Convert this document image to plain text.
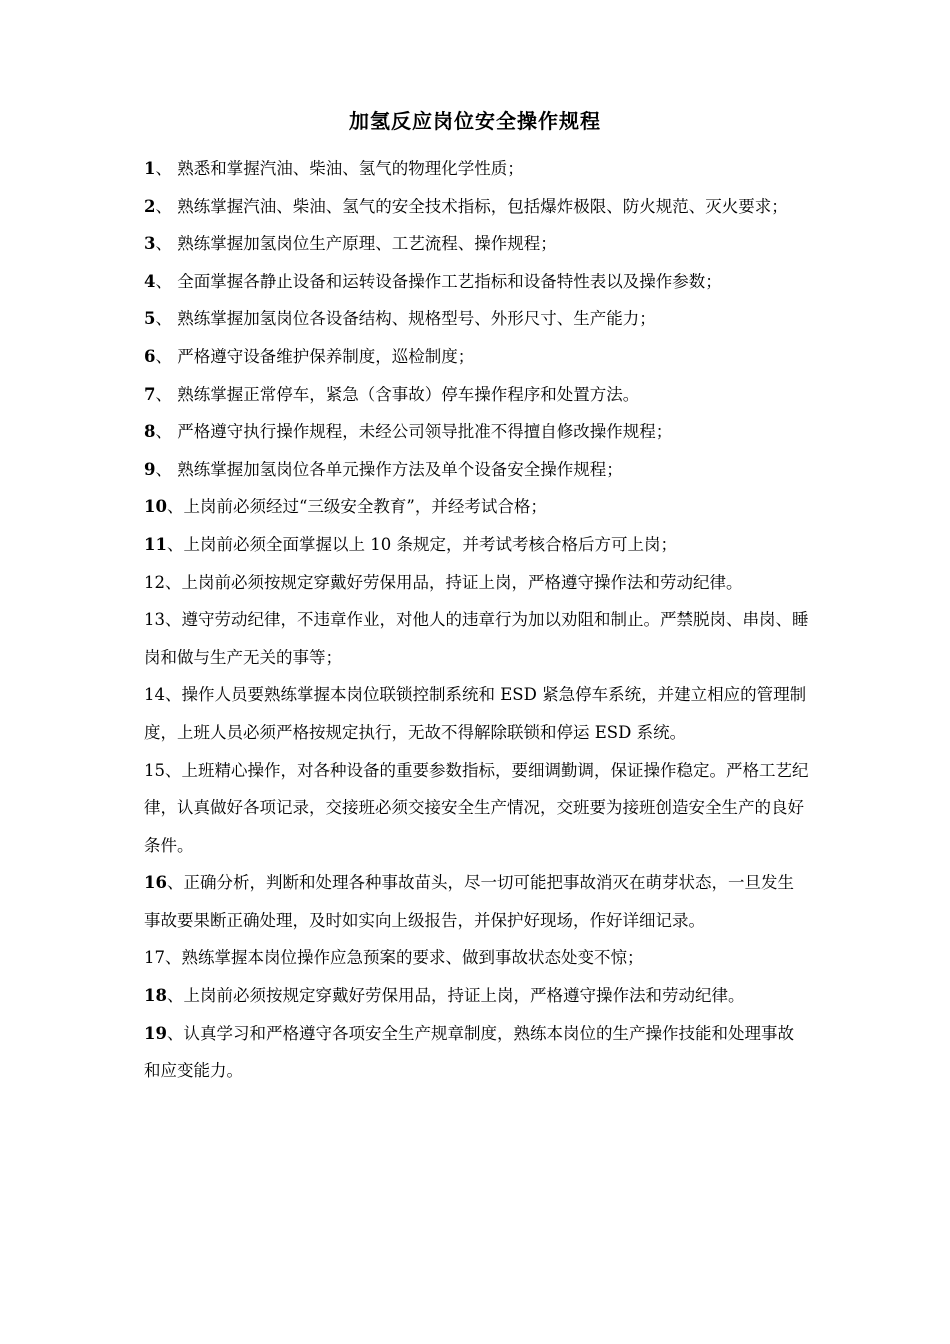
加氢反应岗位安全操作规程
1、 熟悉和掌握汽油、柴油、氢气的物理化学性质；
2、 熟练掌握汽油、柴油、氢气的安全技术指标，包括爆炸极限、防火规范、灭火要求；
3、 熟练掌握加氢岗位生产原理、工艺流程、操作规程；
4、 全面掌握各静止设备和运转设备操作工艺指标和设备特性表以及操作参数；
5、 熟练掌握加氢岗位各设备结构、规格型号、外形尺寸、生产能力；
6、 严格遵守设备维护保养制度，巡检制度；
7、 熟练掌握正常停车，紧急（含事故）停车操作程序和处置方法。
8、 严格遵守执行操作规程，未经公司领导批准不得擅自修改操作规程；
9、 熟练掌握加氢岗位各单元操作方法及单个设备安全操作规程；
10、上岗前必须经过“三级安全教育”，并经考试合格；
11、上岗前必须全面掌握以上 10 条规定，并考试考核合格后方可上岗；
12、上岗前必须按规定穿戴好劳保用品，持证上岗，严格遵守操作法和劳动纪律。
13、遵守劳动纪律，不违章作业，对他人的违章行为加以劝阻和制止。严禁脱岗、串岗、睡岗和做与生产无关的事等；
14、操作人员要熟练掌握本岗位联锁控制系统和 ESD 紧急停车系统，并建立相应的管理制度，上班人员必须严格按规定执行，无故不得解除联锁和停运 ESD 系统。
15、上班精心操作，对各种设备的重要参数指标，要细调勤调，保证操作稳定。严格工艺纪律，认真做好各项记录，交接班必须交接安全生产情况，交班要为接班创造安全生产的良好条件。
16、正确分析，判断和处理各种事故苗头，尽一切可能把事故消灭在萌芽状态，一旦发生事故要果断正确处理，及时如实向上级报告，并保护好现场，作好详细记录。
17、熟练掌握本岗位操作应急预案的要求、做到事故状态处变不惊；
18、上岗前必须按规定穿戴好劳保用品，持证上岗，严格遵守操作法和劳动纪律。
19、认真学习和严格遵守各项安全生产规章制度，熟练本岗位的生产操作技能和处理事故和应变能力。
